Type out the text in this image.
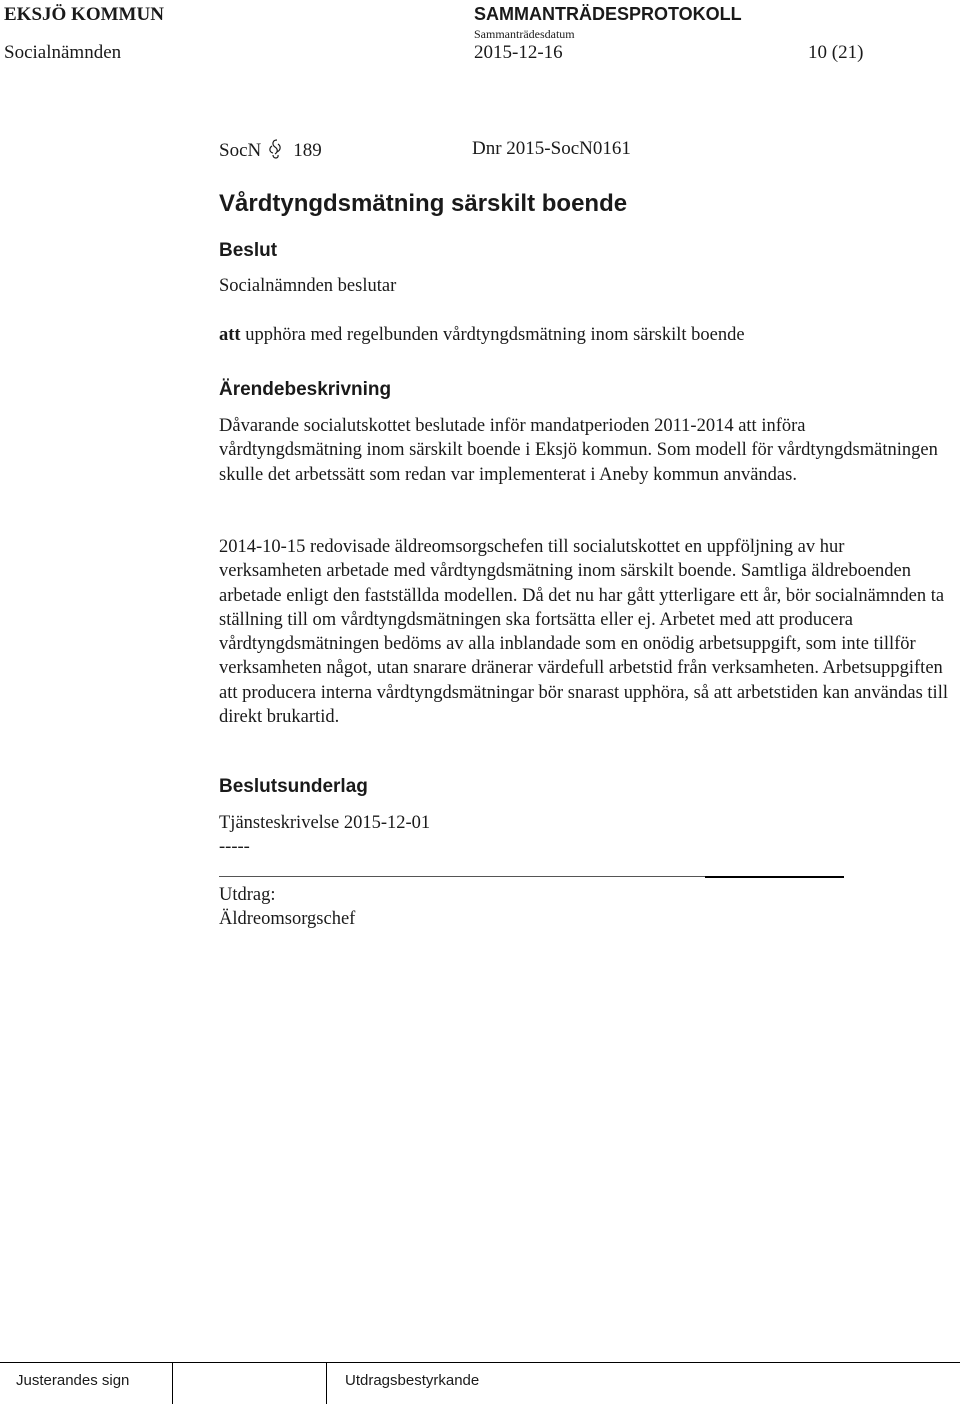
EKSJÖ KOMMUN	SAMMANTRÄDESPROTOKOLL
Sammanträdesdatum
Socialnämnden	2015-12-16	10 (21)
SocN 189	Dnr 2015-SocN0161
Vårdtyngdsmätning särskilt boende
Beslut
Socialnämnden beslutar
att upphöra med regelbunden vårdtyngdsmätning inom särskilt boende
Ärendebeskrivning

Dåvarande socialutskottet beslutade inför mandatperioden 2011-2014 att införa vårdtyngdsmätning inom särskilt boende i Eksjö kommun. Som modell för vårdtyngdsmätningen skulle det arbetssätt som redan var implementerat i Aneby kommun användas.

2014-10-15 redovisade äldreomsorgschefen till socialutskottet en uppföljning av hur verksamheten arbetade med vårdtyngdsmätning inom särskilt boende. Samtliga äldreboenden arbetade enligt den fastställda modellen. Då det nu har gått ytterligare ett år, bör socialnämnden ta ställning till om vårdtyngdsmätningen ska fortsätta eller ej. Arbetet med att producera vårdtyngdsmätningen bedöms av alla inblandade som en onödig arbetsuppgift, som inte tillför verksamheten något, utan snarare dränerar värdefull arbetstid från verksamheten. Arbetsuppgiften att producera interna vårdtyngdsmätningar bör snarast upphöra, så att arbetstiden kan användas till direkt brukartid.

Beslutsunderlag
Tjänsteskrivelse 2015-12-01
-----
Utdrag:
Äldreomsorgschef
Justerandes sign	Utdragsbestyrkande
